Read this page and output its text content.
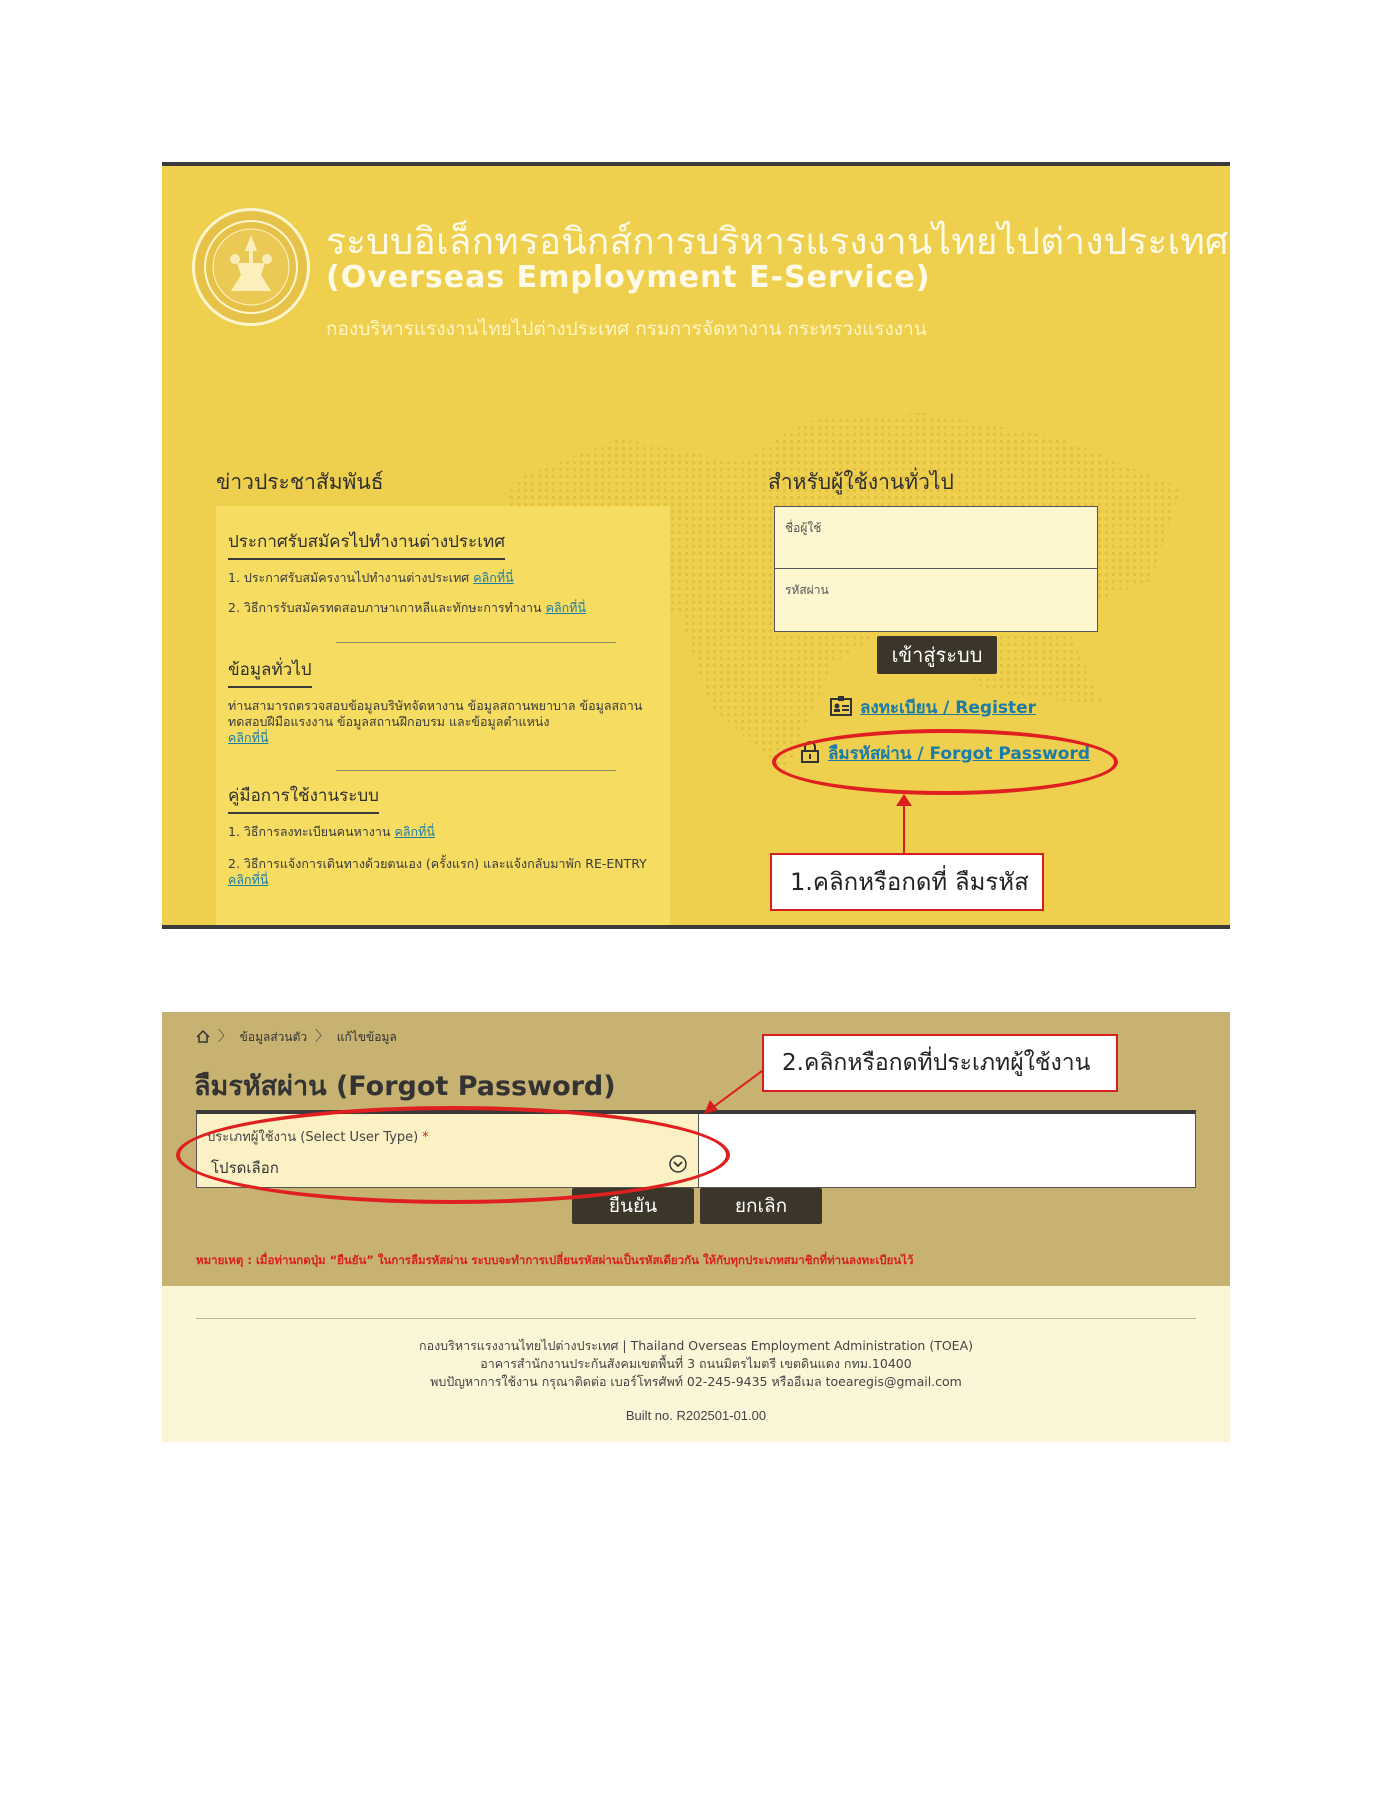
ระบบอิเล็กทรอนิกส์การบริหารแรงงานไทยไปต่างประเทศ
(Overseas Employment E-Service)
กองบริหารแรงงานไทยไปต่างประเทศ กรมการจัดหางาน กระทรวงแรงงาน
ข่าวประชาสัมพันธ์	สำหรับผู้ใช้งานทั่วไป
ประกาศรับสมัครไปทำงานต่างประเทศ
1. ประกาศรับสมัครงานไปทำงานต่างประเทศ คลิกที่นี่
2. วิธีการรับสมัครทดสอบภาษาเกาหลีและทักษะการทำงาน คลิกที่นี่
ข้อมูลทั่วไป
ท่านสามารถตรวจสอบข้อมูลบริษัทจัดหางาน ข้อมูลสถานพยาบาล ข้อมูลสถาน
ทดสอบฝีมือแรงงาน ข้อมูลสถานฝึกอบรม และข้อมูลตำแหน่ง
คลิกที่นี่
คู่มือการใช้งานระบบ
1. วิธีการลงทะเบียนคนหางาน คลิกที่นี่
2. วิธีการแจ้งการเดินทางด้วยตนเอง (ครั้งแรก) และแจ้งกลับมาพัก RE-ENTRY
คลิกที่นี่
ชื่อผู้ใช้
รหัสผ่าน
เข้าสู่ระบบ
ลงทะเบียน / Register
ลืมรหัสผ่าน / Forgot Password
1.คลิกหรือกดที่ ลืมรหัส
〉 ข้อมูลส่วนตัว 〉 แก้ไขข้อมูล
ลืมรหัสผ่าน (Forgot Password)
ประเภทผู้ใช้งาน (Select User Type) *
โปรดเลือก
ยืนยัน	ยกเลิก
หมายเหตุ : เมื่อท่านกดปุ่ม “ยืนยัน” ในการลืมรหัสผ่าน ระบบจะทำการเปลี่ยนรหัสผ่านเป็นรหัสเดียวกัน ให้กับทุกประเภทสมาชิกที่ท่านลงทะเบียนไว้
2.คลิกหรือกดที่ประเภทผู้ใช้งาน
กองบริหารแรงงานไทยไปต่างประเทศ | Thailand Overseas Employment Administration (TOEA)
อาคารสำนักงานประกันสังคมเขตพื้นที่ 3 ถนนมิตรไมตรี เขตดินแดง กทม.10400
พบปัญหาการใช้งาน กรุณาติดต่อ เบอร์โทรศัพท์ 02-245-9435 หรืออีเมล toearegis@gmail.com
Built no. R202501-01.00
